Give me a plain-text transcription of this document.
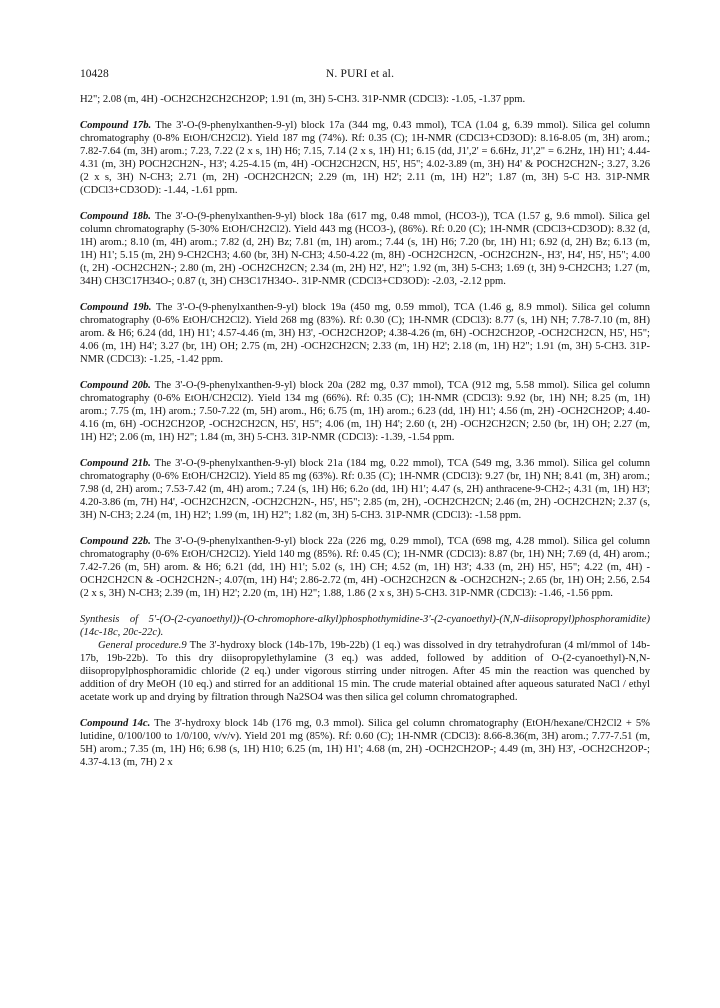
10428	N. PURI et al.

H2"; 2.08 (m, 4H) -OCH2CH2CH2CH2OP; 1.91 (m, 3H) 5-CH3. 31P-NMR (CDCl3): -1.05, -1.37 ppm.

Compound 17b. The 3'-O-(9-phenylxanthen-9-yl) block 17a (344 mg, 0.43 mmol), TCA (1.04 g, 6.39 mmol). Silica gel column chromatography (0-8% EtOH/CH2Cl2). Yield 187 mg (74%). Rf: 0.35 (C); 1H-NMR (CDCl3+CD3OD): 8.16-8.05 (m, 3H) arom.; 7.82-7.64 (m, 3H) arom.; 7.23, 7.22 (2 x s, 1H) H6; 7.15, 7.14 (2 x s, 1H) H1; 6.15 (dd, J1',2' = 6.6Hz, J1',2" = 6.2Hz, 1H) H1'; 4.44-4.31 (m, 3H) POCH2CH2N-, H3'; 4.25-4.15 (m, 4H) -OCH2CH2CN, H5', H5"; 4.02-3.89 (m, 3H) H4' & POCH2CH2N-; 3.27, 3.26 (2 x s, 3H) N-CH3; 2.71 (m, 2H) -OCH2CH2CN; 2.29 (m, 1H) H2'; 2.11 (m, 1H) H2"; 1.87 (m, 3H) 5-C H3. 31P-NMR (CDCl3+CD3OD): -1.44, -1.61 ppm.

Compound 18b. The 3'-O-(9-phenylxanthen-9-yl) block 18a (617 mg, 0.48 mmol, (HCO3-)), TCA (1.57 g, 9.6 mmol). Silica gel column chromatography (5-30% EtOH/CH2Cl2). Yield 443 mg (HCO3-), (86%). Rf: 0.20 (C); 1H-NMR (CDCl3+CD3OD): 8.32 (d, 1H) arom.; 8.10 (m, 4H) arom.; 7.82 (d, 2H) Bz; 7.81 (m, 1H) arom.; 7.44 (s, 1H) H6; 7.20 (br, 1H) H1; 6.92 (d, 2H) Bz; 6.13 (m, 1H) H1'; 5.15 (m, 2H) 9-CH2CH3; 4.60 (br, 3H) N-CH3; 4.50-4.22 (m, 8H) -OCH2CH2CN, -OCH2CH2N-, H3', H4', H5', H5"; 4.00 (t, 2H) -OCH2CH2N-; 2.80 (m, 2H) -OCH2CH2CN; 2.34 (m, 2H) H2', H2"; 1.92 (m, 3H) 5-CH3; 1.69 (t, 3H) 9-CH2CH3; 1.27 (m, 34H) CH3C17H34O-; 0.87 (t, 3H) CH3C17H34O-. 31P-NMR (CDCl3+CD3OD): -2.03, -2.12 ppm.

Compound 19b. The 3'-O-(9-phenylxanthen-9-yl) block 19a (450 mg, 0.59 mmol), TCA (1.46 g, 8.9 mmol). Silica gel column chromatography (0-6% EtOH/CH2Cl2). Yield 268 mg (83%). Rf: 0.30 (C); 1H-NMR (CDCl3): 8.77 (s, 1H) NH; 7.78-7.10 (m, 8H) arom. & H6; 6.24 (dd, 1H) H1'; 4.57-4.46 (m, 3H) H3', -OCH2CH2OP; 4.38-4.26 (m, 6H) -OCH2CH2OP, -OCH2CH2CN, H5', H5"; 4.06 (m, 1H) H4'; 3.27 (br, 1H) OH; 2.75 (m, 2H) -OCH2CH2CN; 2.33 (m, 1H) H2'; 2.18 (m, 1H) H2"; 1.91 (m, 3H) 5-CH3. 31P-NMR (CDCl3): -1.25, -1.42 ppm.

Compound 20b. The 3'-O-(9-phenylxanthen-9-yl) block 20a (282 mg, 0.37 mmol), TCA (912 mg, 5.58 mmol). Silica gel column chromatography (0-6% EtOH/CH2Cl2). Yield 134 mg (66%). Rf: 0.35 (C); 1H-NMR (CDCl3): 9.92 (br, 1H) NH; 8.25 (m, 1H) arom.; 7.75 (m, 1H) arom.; 7.50-7.22 (m, 5H) arom., H6; 6.75 (m, 1H) arom.; 6.23 (dd, 1H) H1'; 4.56 (m, 2H) -OCH2CH2OP; 4.40-4.16 (m, 6H) -OCH2CH2OP, -OCH2CH2CN, H5', H5"; 4.06 (m, 1H) H4'; 2.60 (t, 2H) -OCH2CH2CN; 2.50 (br, 1H) OH; 2.27 (m, 1H) H2'; 2.06 (m, 1H) H2"; 1.84 (m, 3H) 5-CH3. 31P-NMR (CDCl3): -1.39, -1.54 ppm.

Compound 21b. The 3'-O-(9-phenylxanthen-9-yl) block 21a (184 mg, 0.22 mmol), TCA (549 mg, 3.36 mmol). Silica gel column chromatography (0-6% EtOH/CH2Cl2). Yield 85 mg (63%). Rf: 0.35 (C); 1H-NMR (CDCl3): 9.27 (br, 1H) NH; 8.41 (m, 3H) arom.; 7.98 (d, 2H) arom.; 7.53-7.42 (m, 4H) arom.; 7.24 (s, 1H) H6; 6.2o (dd, 1H) H1'; 4.47 (s, 2H) anthracene-9-CH2-; 4.31 (m, 1H) H3'; 4.20-3.86 (m, 7H) H4', -OCH2CH2CN, -OCH2CH2N-, H5', H5"; 2.85 (m, 2H), -OCH2CH2CN; 2.46 (m, 2H) -OCH2CH2N; 2.37 (s, 3H) N-CH3; 2.24 (m, 1H) H2'; 1.99 (m, 1H) H2"; 1.82 (m, 3H) 5-CH3. 31P-NMR (CDCl3): -1.58 ppm.

Compound 22b. The 3'-O-(9-phenylxanthen-9-yl) block 22a (226 mg, 0.29 mmol), TCA (698 mg, 4.28 mmol). Silica gel column chromatography (0-6% EtOH/CH2Cl2). Yield 140 mg (85%). Rf: 0.45 (C); 1H-NMR (CDCl3): 8.87 (br, 1H) NH; 7.69 (d, 4H) arom.; 7.42-7.26 (m, 5H) arom. & H6; 6.21 (dd, 1H) H1'; 5.02 (s, 1H) CH; 4.52 (m, 1H) H3'; 4.33 (m, 2H) H5', H5"; 4.22 (m, 4H) -OCH2CH2CN & -OCH2CH2N-; 4.07(m, 1H) H4'; 2.86-2.72 (m, 4H) -OCH2CH2CN & -OCH2CH2N-; 2.65 (br, 1H) OH; 2.56, 2.54 (2 x s, 3H) N-CH3; 2.39 (m, 1H) H2'; 2.20 (m, 1H) H2"; 1.88, 1.86 (2 x s, 3H) 5-CH3. 31P-NMR (CDCl3): -1.46, -1.56 ppm.

Synthesis of 5'-(O-(2-cyanoethyl))-(O-chromophore-alkyl)phosphothymidine-3'-(2-cyanoethyl)-(N,N-diisopropyl)phosphoramidite) (14c-18c, 20c-22c).

General procedure.9 The 3'-hydroxy block (14b-17b, 19b-22b) (1 eq.) was dissolved in dry tetrahydrofuran (4 ml/mmol of 14b-17b, 19b-22b). To this dry diisopropylethylamine (3 eq.) was added, followed by addition of O-(2-cyanoethyl)-N,N-diisopropylphosphoramidic chloride (2 eq.) under vigorous stirring under nitrogen. After 45 min the reaction was quenched by addition of dry MeOH (10 eq.) and stirred for an additional 15 min. The crude material obtained after aqueous saturated NaCl / ethyl acetate work up and drying by filtration through Na2SO4 was then silica gel column chromatographed.

Compound 14c. The 3'-hydroxy block 14b (176 mg, 0.3 mmol). Silica gel column chromatography (EtOH/hexane/CH2Cl2 + 5% lutidine, 0/100/100 to 1/0/100, v/v/v). Yield 201 mg (85%). Rf: 0.60 (C); 1H-NMR (CDCl3): 8.66-8.36(m, 3H) arom.; 7.77-7.51 (m, 5H) arom.; 7.35 (m, 1H) H6; 6.98 (s, 1H) H10; 6.25 (m, 1H) H1'; 4.68 (m, 2H) -OCH2CH2OP-; 4.49 (m, 3H) H3', -OCH2CH2OP-; 4.37-4.13 (m, 7H) 2 x
